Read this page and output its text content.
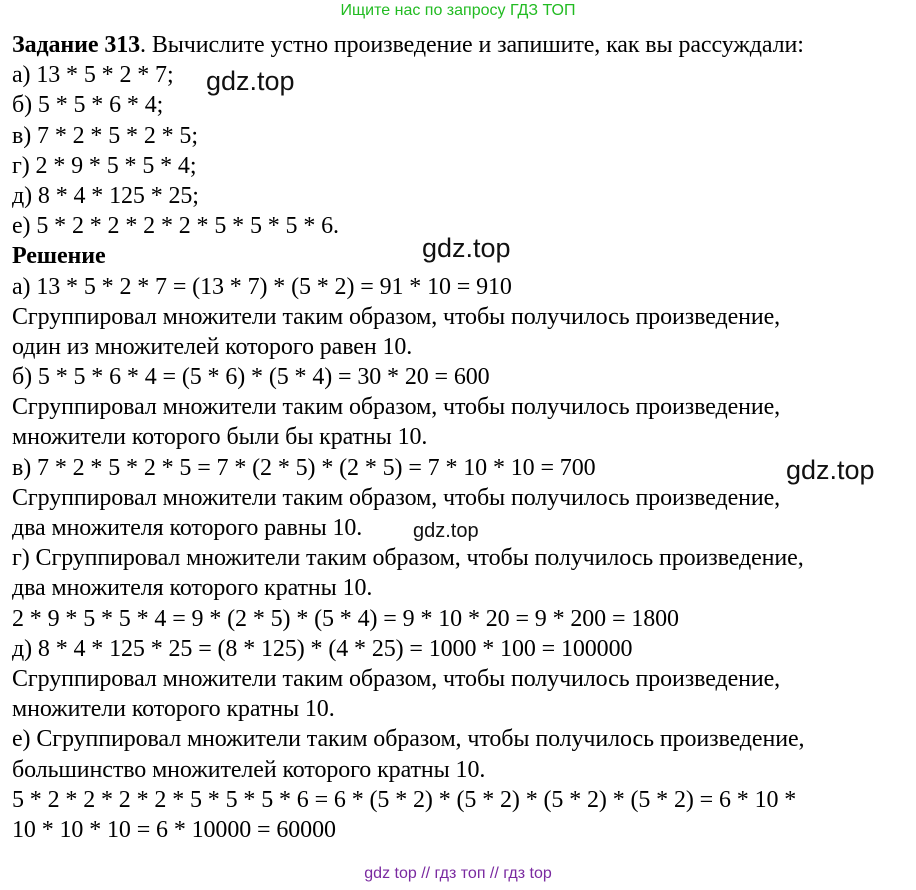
Ищите нас по запросу ГДЗ ТОП
Задание 313. Вычислите устно произведение и запишите, как вы рассуждали:
а) 13 * 5 * 2 * 7;
б) 5 * 5 * 6 * 4;
в) 7 * 2 * 5 * 2 * 5;
г) 2 * 9 * 5 * 5 * 4;
д) 8 * 4 * 125 * 25;
е) 5 * 2 * 2 * 2 * 2 * 5 * 5 * 5 * 6.
Решение
а) 13 * 5 * 2 * 7 = (13 * 7) * (5 * 2) = 91 * 10 = 910
Сгруппировал множители таким образом, чтобы получилось произведение,
один из множителей которого равен 10.
б) 5 * 5 * 6 * 4 = (5 * 6) * (5 * 4) = 30 * 20 = 600
Сгруппировал множители таким образом, чтобы получилось произведение,
множители которого были бы кратны 10.
в) 7 * 2 * 5 * 2 * 5 = 7 * (2 * 5) * (2 * 5) = 7 * 10 * 10 = 700
Сгруппировал множители таким образом, чтобы получилось произведение,
два множителя которого равны 10.
г) Сгруппировал множители таким образом, чтобы получилось произведение,
два множителя которого кратны 10.
2 * 9 * 5 * 5 * 4 = 9 * (2 * 5) * (5 * 4) = 9 * 10 * 20 = 9 * 200 = 1800
д) 8 * 4 * 125 * 25 = (8 * 125) * (4 * 25) = 1000 * 100 = 100000
Сгруппировал множители таким образом, чтобы получилось произведение,
множители которого кратны 10.
е) Сгруппировал множители таким образом, чтобы получилось произведение,
большинство множителей которого кратны 10.
5 * 2 * 2 * 2 * 2 * 5 * 5 * 5 * 6 = 6 * (5 * 2) * (5 * 2) * (5 * 2) * (5 * 2) = 6 * 10 *
10 * 10 * 10 = 6 * 10000 = 60000
gdz.top
gdz.top
gdz.top
gdz.top
gdz top // гдз топ // гдз top
